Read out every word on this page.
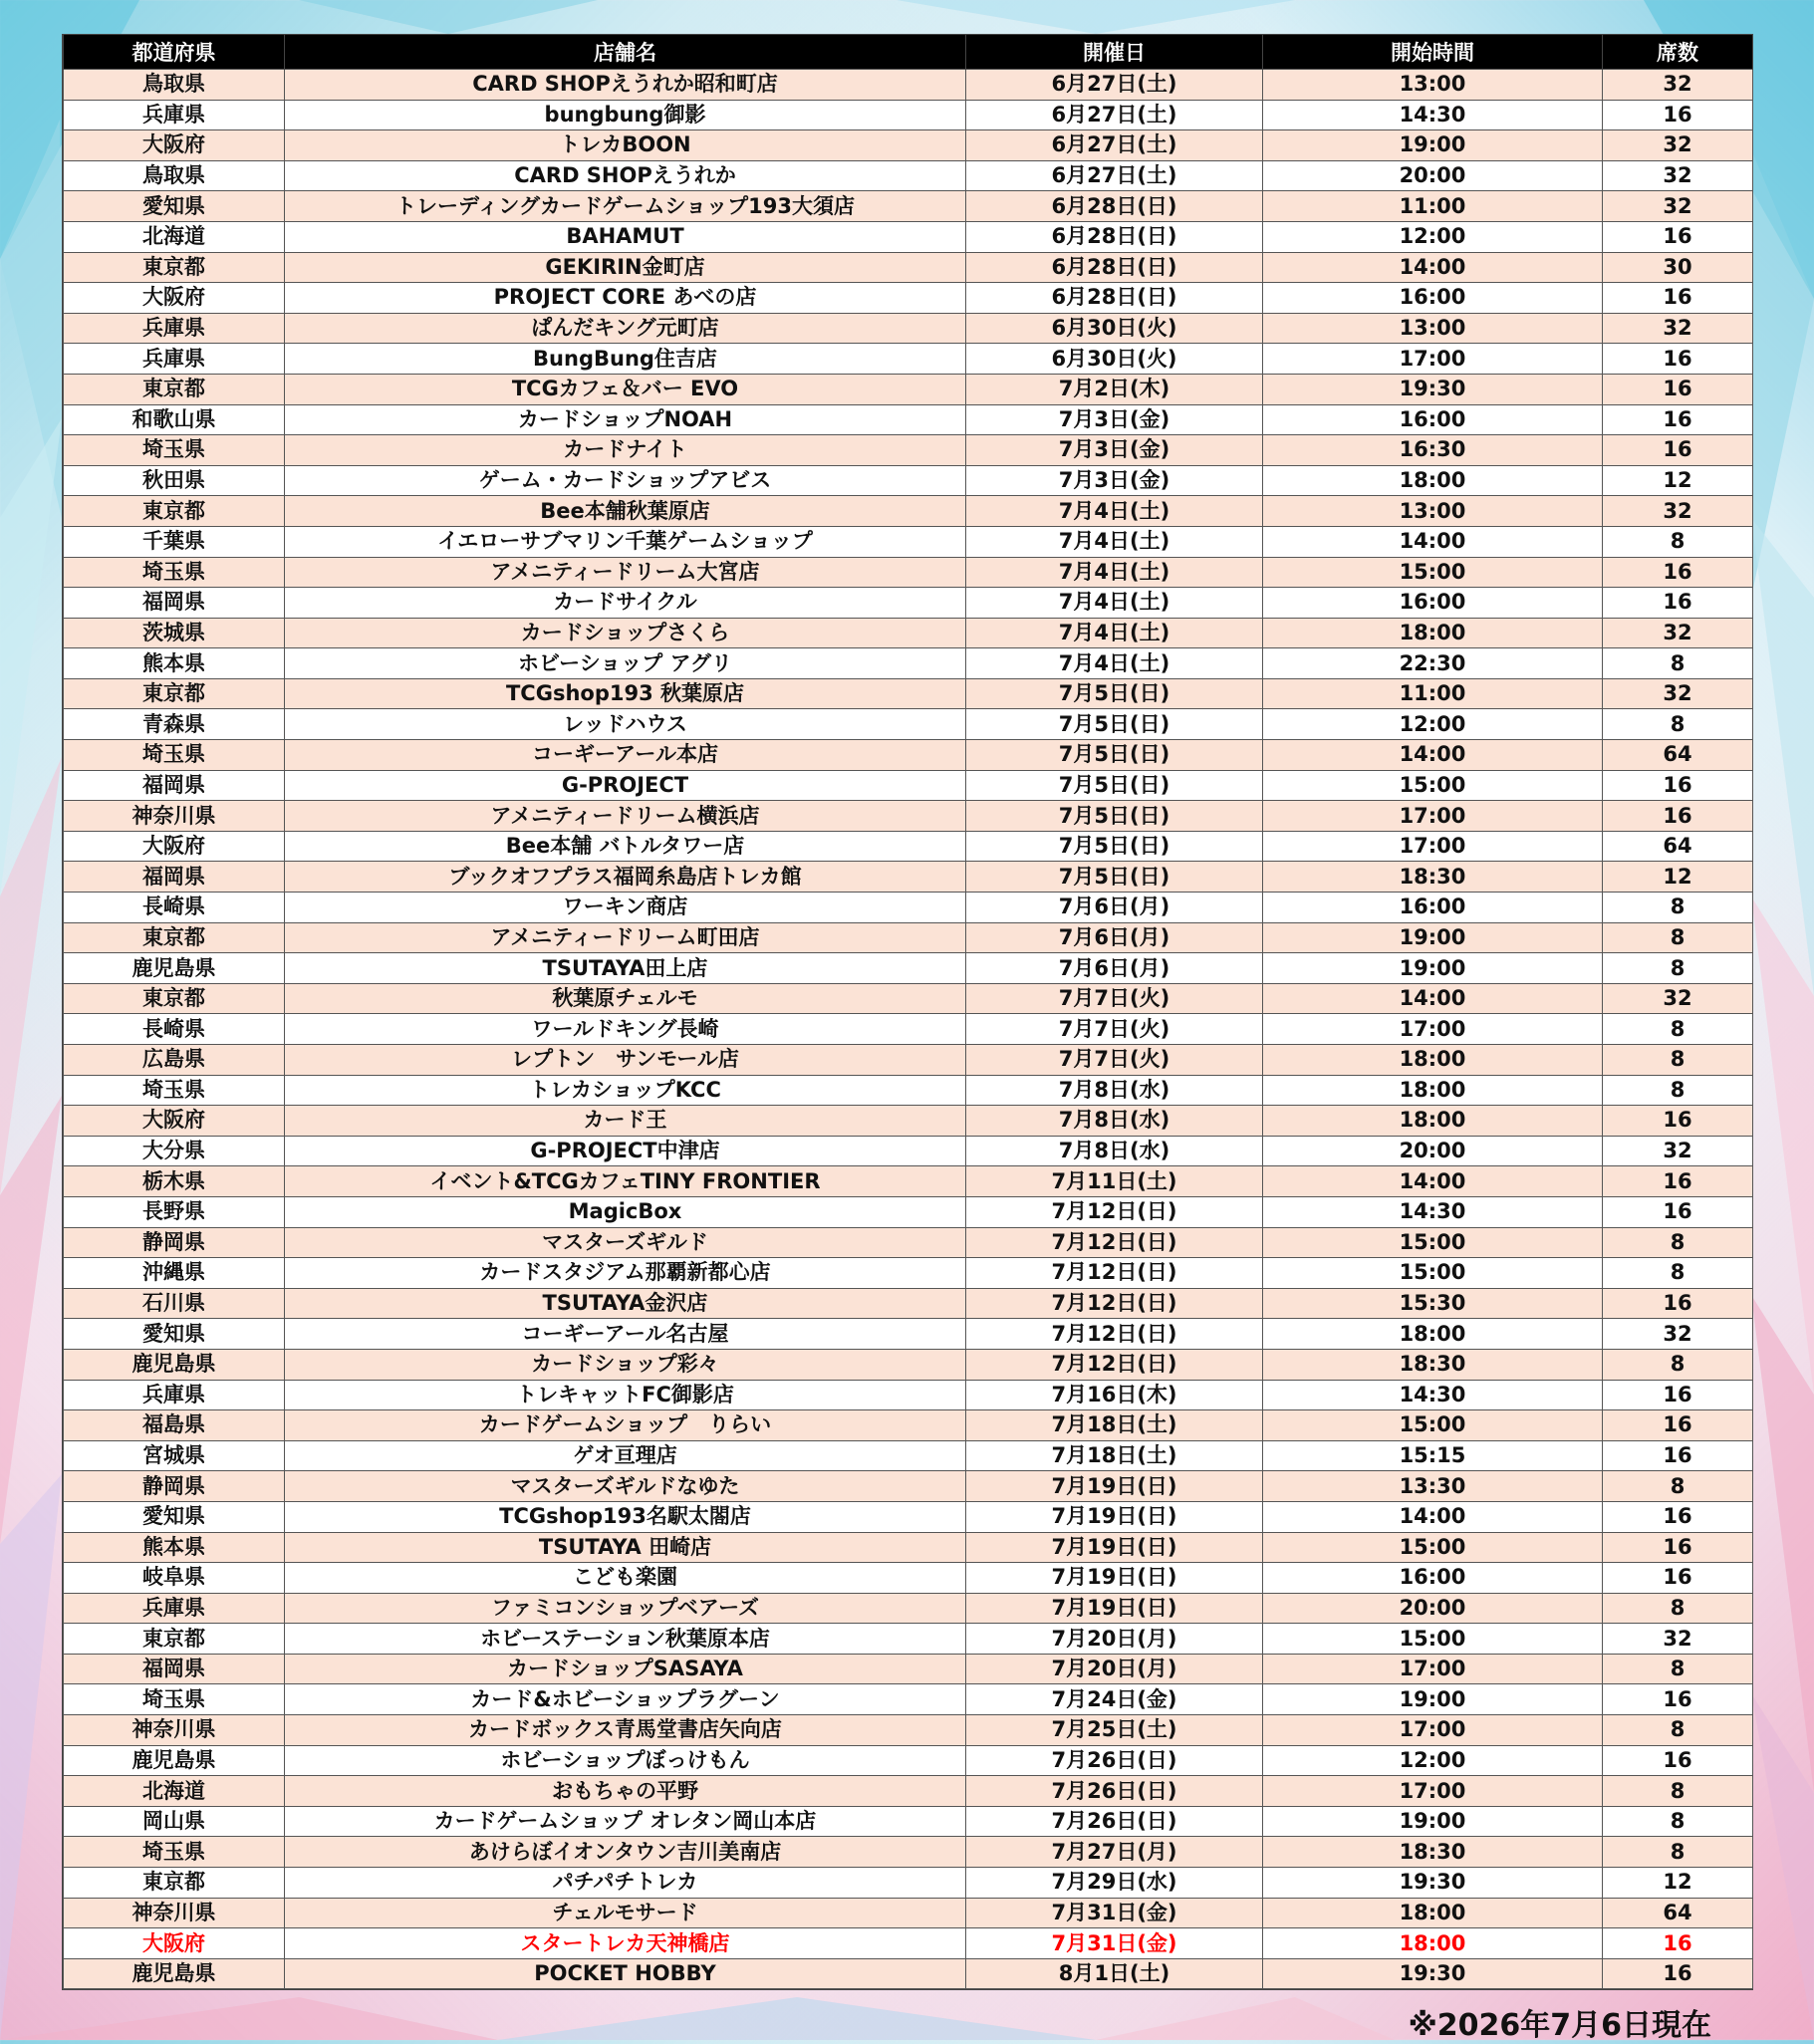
都道府県	店舗名	開催日	開始時間	席数
鳥取県	CARD SHOPえうれか昭和町店	6月27日(土)	13:00	32
兵庫県	bungbung御影	6月27日(土)	14:30	16
大阪府	トレカBOON	6月27日(土)	19:00	32
鳥取県	CARD SHOPえうれか	6月27日(土)	20:00	32
愛知県	トレーディングカードゲームショップ193大須店	6月28日(日)	11:00	32
北海道	BAHAMUT	6月28日(日)	12:00	16
東京都	GEKIRIN金町店	6月28日(日)	14:00	30
大阪府	PROJECT CORE あべの店	6月28日(日)	16:00	16
兵庫県	ぱんだキング元町店	6月30日(火)	13:00	32
兵庫県	BungBung住吉店	6月30日(火)	17:00	16
東京都	TCGカフェ＆バー EVO	7月2日(木)	19:30	16
和歌山県	カードショップNOAH	7月3日(金)	16:00	16
埼玉県	カードナイト	7月3日(金)	16:30	16
秋田県	ゲーム・カードショップアビス	7月3日(金)	18:00	12
東京都	Bee本舗秋葉原店	7月4日(土)	13:00	32
千葉県	イエローサブマリン千葉ゲームショップ	7月4日(土)	14:00	8
埼玉県	アメニティードリーム大宮店	7月4日(土)	15:00	16
福岡県	カードサイクル	7月4日(土)	16:00	16
茨城県	カードショップさくら	7月4日(土)	18:00	32
熊本県	ホビーショップ アグリ	7月4日(土)	22:30	8
東京都	TCGshop193 秋葉原店	7月5日(日)	11:00	32
青森県	レッドハウス	7月5日(日)	12:00	8
埼玉県	コーギーアール本店	7月5日(日)	14:00	64
福岡県	G-PROJECT	7月5日(日)	15:00	16
神奈川県	アメニティードリーム横浜店	7月5日(日)	17:00	16
大阪府	Bee本舗 バトルタワー店	7月5日(日)	17:00	64
福岡県	ブックオフプラス福岡糸島店トレカ館	7月5日(日)	18:30	12
長崎県	ワーキン商店	7月6日(月)	16:00	8
東京都	アメニティードリーム町田店	7月6日(月)	19:00	8
鹿児島県	TSUTAYA田上店	7月6日(月)	19:00	8
東京都	秋葉原チェルモ	7月7日(火)	14:00	32
長崎県	ワールドキング長崎	7月7日(火)	17:00	8
広島県	レプトン　サンモール店	7月7日(火)	18:00	8
埼玉県	トレカショップKCC	7月8日(水)	18:00	8
大阪府	カード王	7月8日(水)	18:00	16
大分県	G-PROJECT中津店	7月8日(水)	20:00	32
栃木県	イベント&TCGカフェTINY FRONTIER	7月11日(土)	14:00	16
長野県	MagicBox	7月12日(日)	14:30	16
静岡県	マスターズギルド	7月12日(日)	15:00	8
沖縄県	カードスタジアム那覇新都心店	7月12日(日)	15:00	8
石川県	TSUTAYA金沢店	7月12日(日)	15:30	16
愛知県	コーギーアール名古屋	7月12日(日)	18:00	32
鹿児島県	カードショップ彩々	7月12日(日)	18:30	8
兵庫県	トレキャットFC御影店	7月16日(木)	14:30	16
福島県	カードゲームショップ　りらい	7月18日(土)	15:00	16
宮城県	ゲオ亘理店	7月18日(土)	15:15	16
静岡県	マスターズギルドなゆた	7月19日(日)	13:30	8
愛知県	TCGshop193名駅太閤店	7月19日(日)	14:00	16
熊本県	TSUTAYA 田崎店	7月19日(日)	15:00	16
岐阜県	こども楽園	7月19日(日)	16:00	16
兵庫県	ファミコンショップベアーズ	7月19日(日)	20:00	8
東京都	ホビーステーション秋葉原本店	7月20日(月)	15:00	32
福岡県	カードショップSASAYA	7月20日(月)	17:00	8
埼玉県	カード&ホビーショップラグーン	7月24日(金)	19:00	16
神奈川県	カードボックス青馬堂書店矢向店	7月25日(土)	17:00	8
鹿児島県	ホビーショップぼっけもん	7月26日(日)	12:00	16
北海道	おもちゃの平野	7月26日(日)	17:00	8
岡山県	カードゲームショップ オレタン岡山本店	7月26日(日)	19:00	8
埼玉県	あけらぼイオンタウン吉川美南店	7月27日(月)	18:30	8
東京都	パチパチトレカ	7月29日(水)	19:30	12
神奈川県	チェルモサード	7月31日(金)	18:00	64
大阪府	スタートレカ天神橋店	7月31日(金)	18:00	16
鹿児島県	POCKET HOBBY	8月1日(土)	19:30	16
※2026年7月6日現在
